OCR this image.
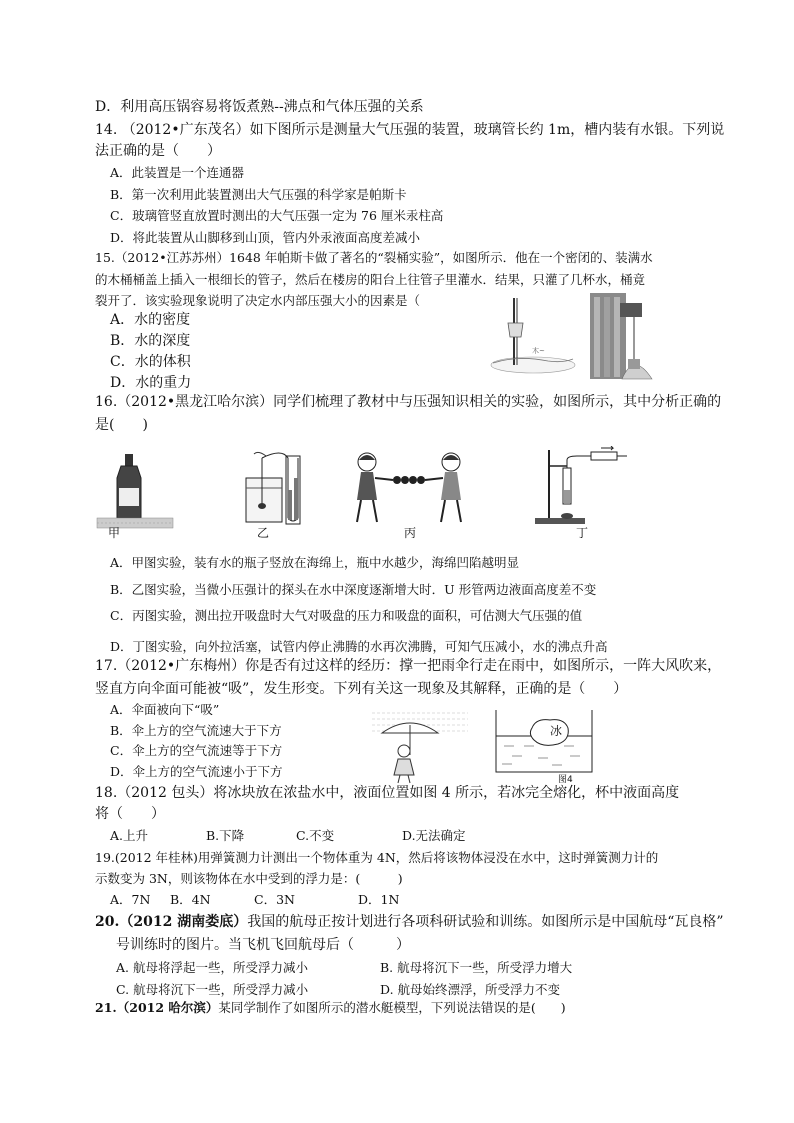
D．利用高压锅容易将饭煮熟--沸点和气体压强的关系
14. （2012•广东茂名）如下图所示是测量大气压强的装置，玻璃管长约 1m，槽内装有水银。下列说
法正确的是（　　）
A．此装置是一个连通器
B．第一次利用此装置测出大气压强的科学家是帕斯卡
C．玻璃管竖直放置时测出的大气压强一定为 76 厘米汞柱高
D．将此装置从山脚移到山顶，管内外汞液面高度差减小
15.（2012•江苏苏州）1648 年帕斯卡做了著名的“裂桶实验”，如图所示．他在一个密闭的、装满水
的木桶桶盖上插入一根细长的管子，然后在楼房的阳台上往管子里灌水．结果，只灌了几杯水，桶竟
裂开了．该实验现象说明了决定水内部压强大小的因素是（
A．水的密度
B．水的深度
C．水的体积
D．水的重力
木~
16.（2012•黑龙江哈尔滨）同学们梳理了教材中与压强知识相关的实验，如图所示，其中分析正确的
是(　　)
甲	乙	丙	丁
A．甲图实验，装有水的瓶子竖放在海绵上，瓶中水越少，海绵凹陷越明显
B．乙图实验，当微小压强计的探头在水中深度逐渐增大时．U 形管两边液面高度差不变
C．丙图实验，测出拉开吸盘时大气对吸盘的压力和吸盘的面积，可估测大气压强的值
D．丁图实验，向外拉活塞，试管内停止沸腾的水再次沸腾，可知气压减小，水的沸点升高
17.（2012•广东梅州）你是否有过这样的经历：撑一把雨伞行走在雨中，如图所示，一阵大风吹来，
竖直方向伞面可能被“吸”，发生形变。下列有关这一现象及其解释，正确的是（　　）
A．伞面被向下“吸”
B．伞上方的空气流速大于下方
C．伞上方的空气流速等于下方
D．伞上方的空气流速小于下方
冰
图4
18.（2012 包头）将冰块放在浓盐水中，液面位置如图 4 所示，若冰完全熔化，杯中液面高度
将（　　）
A.上升	B.下降	C.不变	D.无法确定
19.(2012 年桂林)用弹簧测力计测出一个物体重为 4N，然后将该物体浸没在水中，这时弹簧测力计的
示数变为 3N，则该物体在水中受到的浮力是：(　　　)
A．7N B．4N	C．3N	D．1N
20.（2012 湖南娄底）我国的航母正按计划进行各项科研试验和训练。如图所示是中国航母“瓦良格”
号训练时的图片。当飞机飞回航母后（　　　）
A. 航母将浮起一些，所受浮力减小	B. 航母将沉下一些，所受浮力增大
C. 航母将沉下一些，所受浮力减小	D. 航母始终漂浮，所受浮力不变
21.（2012 哈尔滨）某同学制作了如图所示的潜水艇模型，下列说法错误的是(　　)
